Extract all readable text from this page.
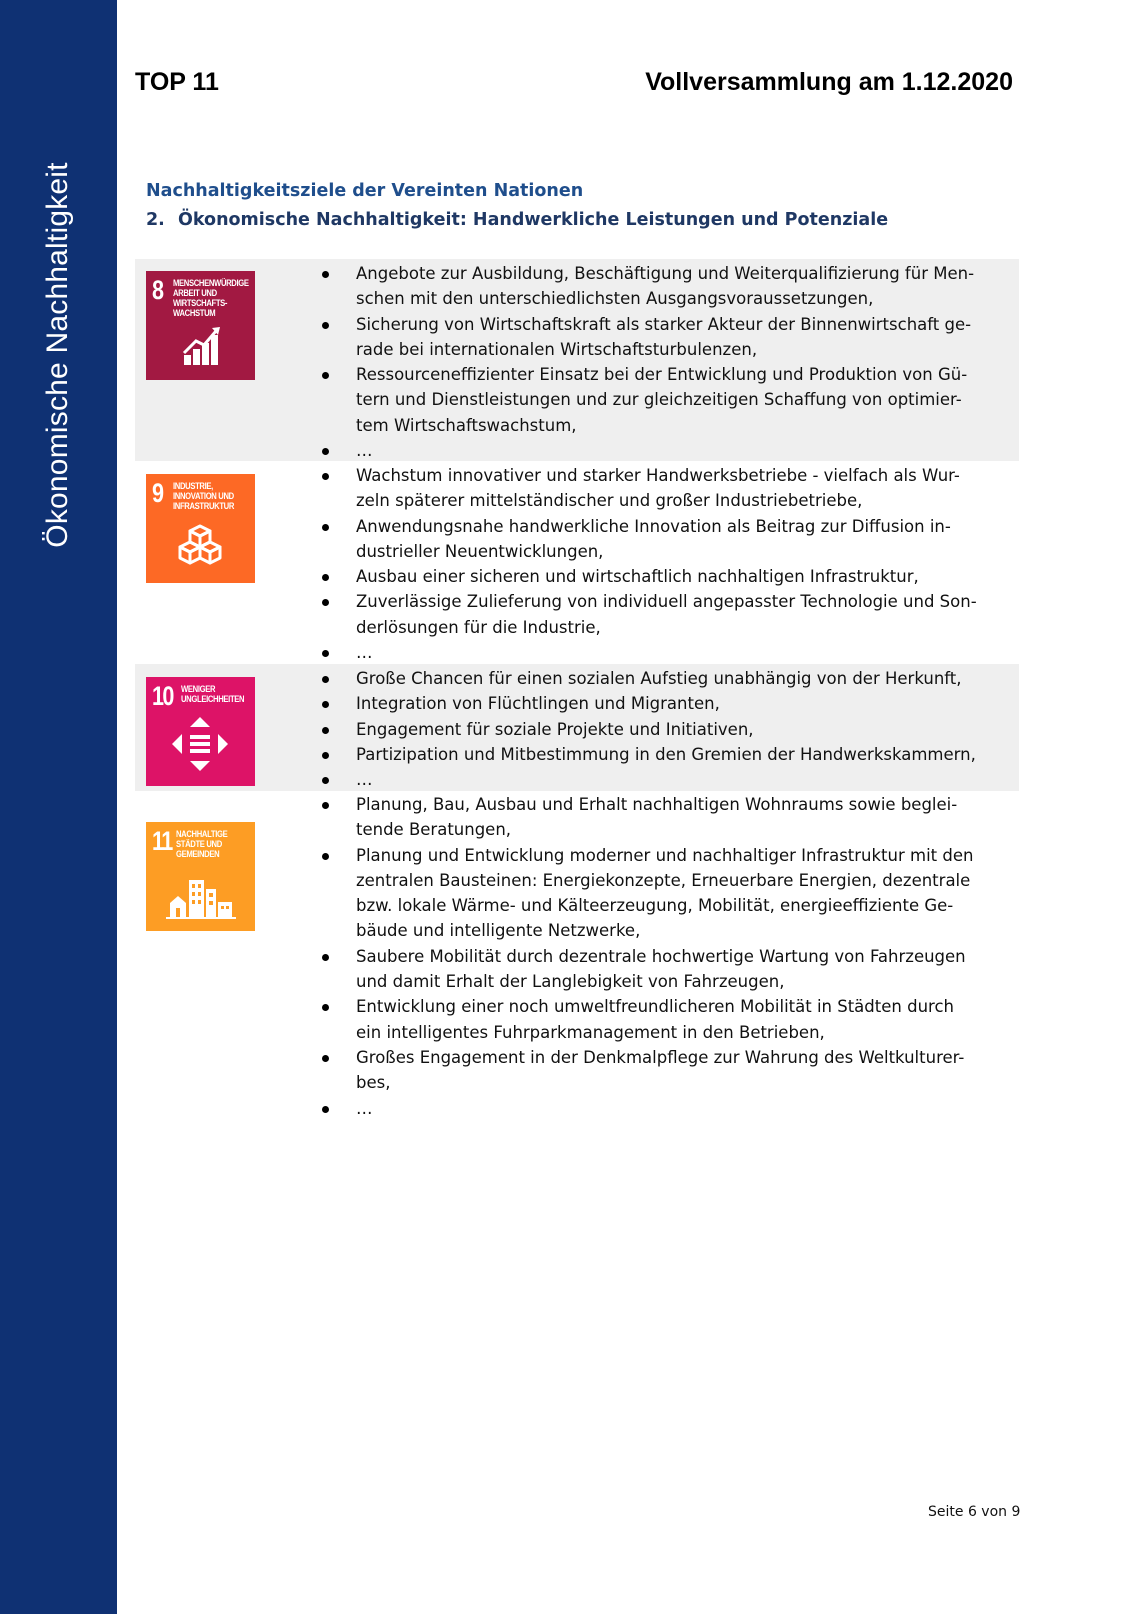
Ökonomische Nachhaltigkeit
TOP 11	Vollversammlung am 1.12.2020
Nachhaltigkeitsziele der Vereinten Nationen
2. Ökonomische Nachhaltigkeit: Handwerkliche Leistungen und Potenziale
8 MENSCHENWÜRDIGE
ARBEIT UND
WIRTSCHAFTS-
WACHSTUM
9 INDUSTRIE,
INNOVATION UND
INFRASTRUKTUR
10 WENIGER
UNGLEICHHEITEN
11 NACHHALTIGE
STÄDTE UND
GEMEINDEN
Angebote zur Ausbildung, Beschäftigung und Weiterqualifizierung für Men-
schen mit den unterschiedlichsten Ausgangsvoraussetzungen,
Sicherung von Wirtschaftskraft als starker Akteur der Binnenwirtschaft ge-
rade bei internationalen Wirtschaftsturbulenzen,
Ressourceneffizienter Einsatz bei der Entwicklung und Produktion von Gü-
tern und Dienstleistungen und zur gleichzeitigen Schaffung von optimier-
tem Wirtschaftswachstum,
…
Wachstum innovativer und starker Handwerksbetriebe - vielfach als Wur-
zeln späterer mittelständischer und großer Industriebetriebe,
Anwendungsnahe handwerkliche Innovation als Beitrag zur Diffusion in-
dustrieller Neuentwicklungen,
Ausbau einer sicheren und wirtschaftlich nachhaltigen Infrastruktur,
Zuverlässige Zulieferung von individuell angepasster Technologie und Son-
derlösungen für die Industrie,
…
Große Chancen für einen sozialen Aufstieg unabhängig von der Herkunft,
Integration von Flüchtlingen und Migranten,
Engagement für soziale Projekte und Initiativen,
Partizipation und Mitbestimmung in den Gremien der Handwerkskammern,
…
Planung, Bau, Ausbau und Erhalt nachhaltigen Wohnraums sowie beglei-
tende Beratungen,
Planung und Entwicklung moderner und nachhaltiger Infrastruktur mit den
zentralen Bausteinen: Energiekonzepte, Erneuerbare Energien, dezentrale
bzw. lokale Wärme- und Kälteerzeugung, Mobilität, energieeffiziente Ge-
bäude und intelligente Netzwerke,
Saubere Mobilität durch dezentrale hochwertige Wartung von Fahrzeugen
und damit Erhalt der Langlebigkeit von Fahrzeugen,
Entwicklung einer noch umweltfreundlicheren Mobilität in Städten durch
ein intelligentes Fuhrparkmanagement in den Betrieben,
Großes Engagement in der Denkmalpflege zur Wahrung des Weltkulturer-
bes,
…
Seite 6 von 9
